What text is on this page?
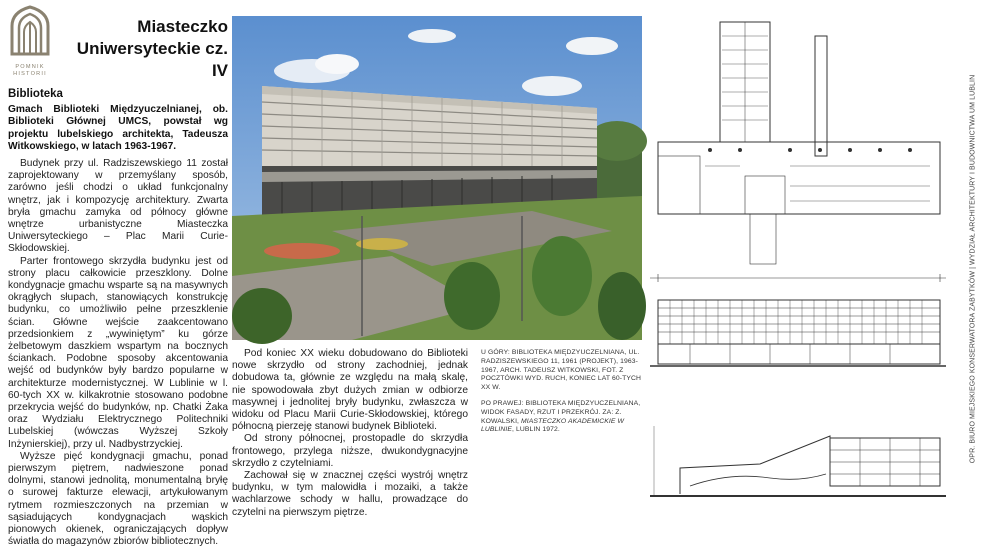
POMNIK
HISTORII
Miasteczko
Uniwersyteckie cz. IV
Biblioteka
Gmach Biblioteki Międzyuczelnianej, ob. Biblioteki Głównej UMCS, powstał wg projektu lubelskiego architekta, Tadeusza Witkowskiego, w latach 1963-1967.

Budynek przy ul. Radziszewskiego 11 został zaprojektowany w przemyślany sposób, zarówno jeśli chodzi o układ funkcjonalny wnętrz, jak i kompozycję architektury. Zwarta bryła gmachu zamyka od północy główne wnętrze urbanistyczne Miasteczka Uniwersyteckiego – Plac Marii Curie-Skłodowskiej.

Parter frontowego skrzydła budynku jest od strony placu całkowicie przeszklony. Dolne kondygnacje gmachu wsparte są na masywnych okrągłych słupach, stanowiących konstrukcję budynku, co umożliwiło pełne przeszklenie ścian. Główne wejście zaakcentowano przedsionkiem z „wywiniętym” ku górze żelbetowym daszkiem wspartym na bocznych ściankach. Podobne sposoby akcentowania wejść od budynków były bardzo popularne w architekturze modernistycznej. W Lublinie w l. 60-tych XX w. kilkakrotnie stosowano podobne przekrycia wejść do budynków, np. Chatki Żaka oraz Wydziału Elektrycznego Politechniki Lubelskiej (wówczas Wyższej Szkoły Inżynierskiej), przy ul. Nadbystrzyckiej.

Wyższe pięć kondygnacji gmachu, ponad pierwszym piętrem, nadwieszone ponad dolnymi, stanowi jednolitą, monumentalną bryłę o surowej fakturze elewacji, artykułowanym rytmem rozmieszczonych na przemian w sąsiadujących kondygnacjach wąskich pionowych okienek, ograniczających dopływ światła do magazynów zbiorów bibliotecznych.

Pod koniec XX wieku dobudowano do Biblioteki nowe skrzydło od strony zachodniej, jednak dobudowa ta, głównie ze względu na małą skalę, nie spowodowała zbyt dużych zmian w odbiorze masywnej i jednolitej bryły budynku, zwłaszcza w widoku od Placu Marii Curie-Skłodowskiej, którego północną pierzeję stanowi budynek Biblioteki.

Od strony północnej, prostopadle do skrzydła frontowego, przylega niższe, dwukondygnacyjne skrzydło z czytelniami.

Zachował się w znacznej części wystrój wnętrz budynku, w tym malowidła i mozaiki, a także wachlarzowe schody w hallu, prowadzące do czytelni na pierwszym piętrze.

U GÓRY: BIBLIOTEKA MIĘDZYUCZELNIANA, UL. RADZISZEWSKIEGO 11, 1961 (PROJEKT), 1963-1967, ARCH. TADEUSZ WITKOWSKI, FOT. Z POCZTÓWKI WYD. RUCH, KONIEC LAT 60-TYCH XX W.
PO PRAWEJ: BIBLIOTEKA MIĘDZYUCZELNIANA, WIDOK FASADY, RZUT I PRZEKRÓJ. ZA: Z. KOWALSKI, MIASTECZKO AKADEMICKIE W LUBLINIE, LUBLIN 1972.	OPR. BIURO MIEJSKIEGO KONSERWATORA ZABYTKÓW | WYDZIAŁ ARCHITEKTURY I BUDOWNICTWA UM LUBLIN
